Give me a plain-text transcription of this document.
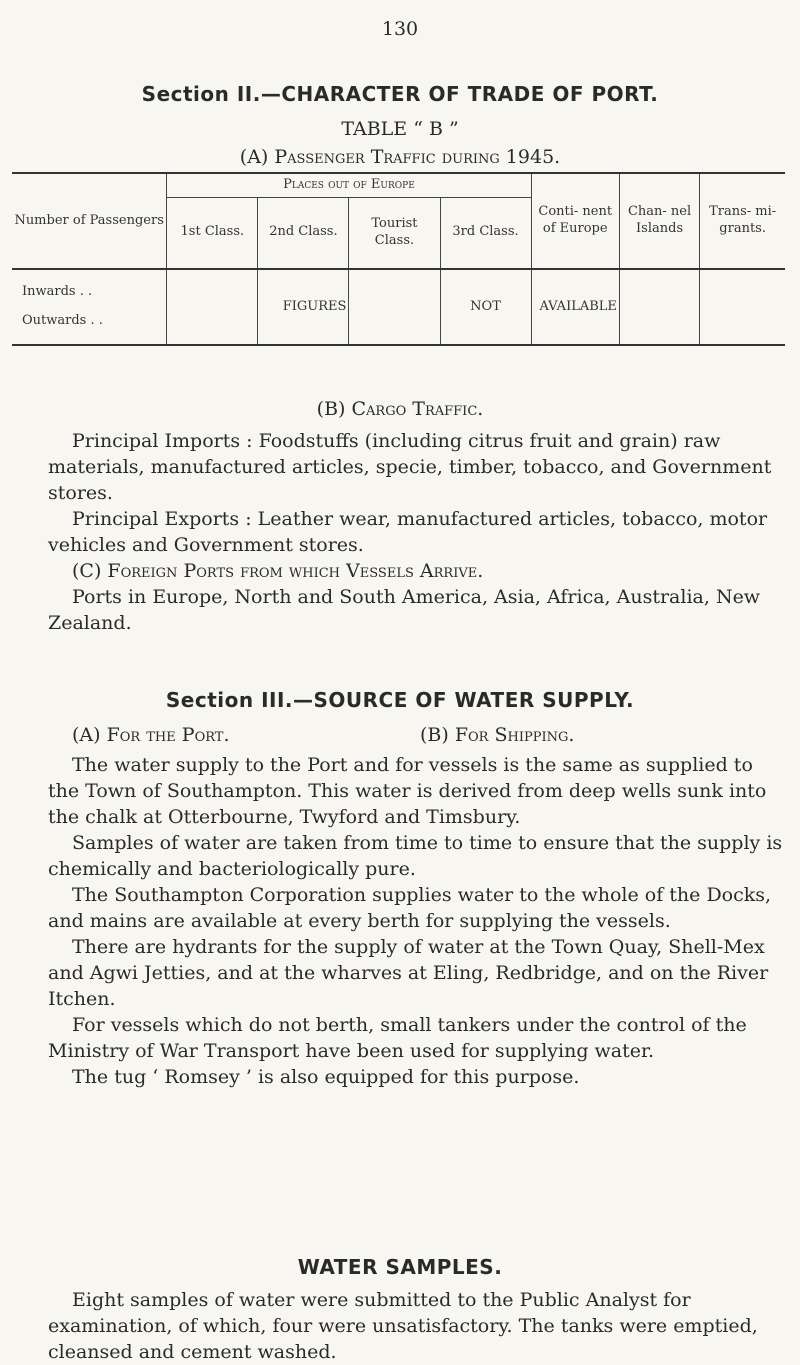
130
Section II.—CHARACTER OF TRADE OF PORT.
TABLE “ B ”
(A) Passenger Traffic during 1945.
Number of Passengers	Places out of Europe				Conti- nent of Europe	Chan- nel Islands	Trans- mi- grants.
	1st Class.	2nd Class.	Tourist Class.	3rd Class.			
Inwards . .
Outwards . .		FIGURES		NOT	AVAILABLE		
(B) Cargo Traffic.

Principal Imports : Foodstuffs (including citrus fruit and grain) raw materials, manufactured articles, specie, timber, tobacco, and Government stores.

Principal Exports : Leather wear, manufactured articles, tobacco, motor vehicles and Government stores.

(C) Foreign Ports from which Vessels Arrive.

Ports in Europe, North and South America, Asia, Africa, Australia, New Zealand.

Section III.—SOURCE OF WATER SUPPLY.
(A) For the Port.	(B) For Shipping.

The water supply to the Port and for vessels is the same as supplied to the Town of Southampton. This water is derived from deep wells sunk into the chalk at Otterbourne, Twyford and Timsbury.

Samples of water are taken from time to time to ensure that the supply is chemically and bacteriologically pure.

The Southampton Corporation supplies water to the whole of the Docks, and mains are available at every berth for supplying the vessels.

There are hydrants for the supply of water at the Town Quay, Shell-Mex and Agwi Jetties, and at the wharves at Eling, Redbridge, and on the River Itchen.

For vessels which do not berth, small tankers under the control of the Ministry of War Transport have been used for supplying water.

The tug ‘ Romsey ’ is also equipped for this purpose.

WATER SAMPLES.

Eight samples of water were submitted to the Public Analyst for examination, of which, four were unsatisfactory. The tanks were emptied, cleansed and cement washed.
